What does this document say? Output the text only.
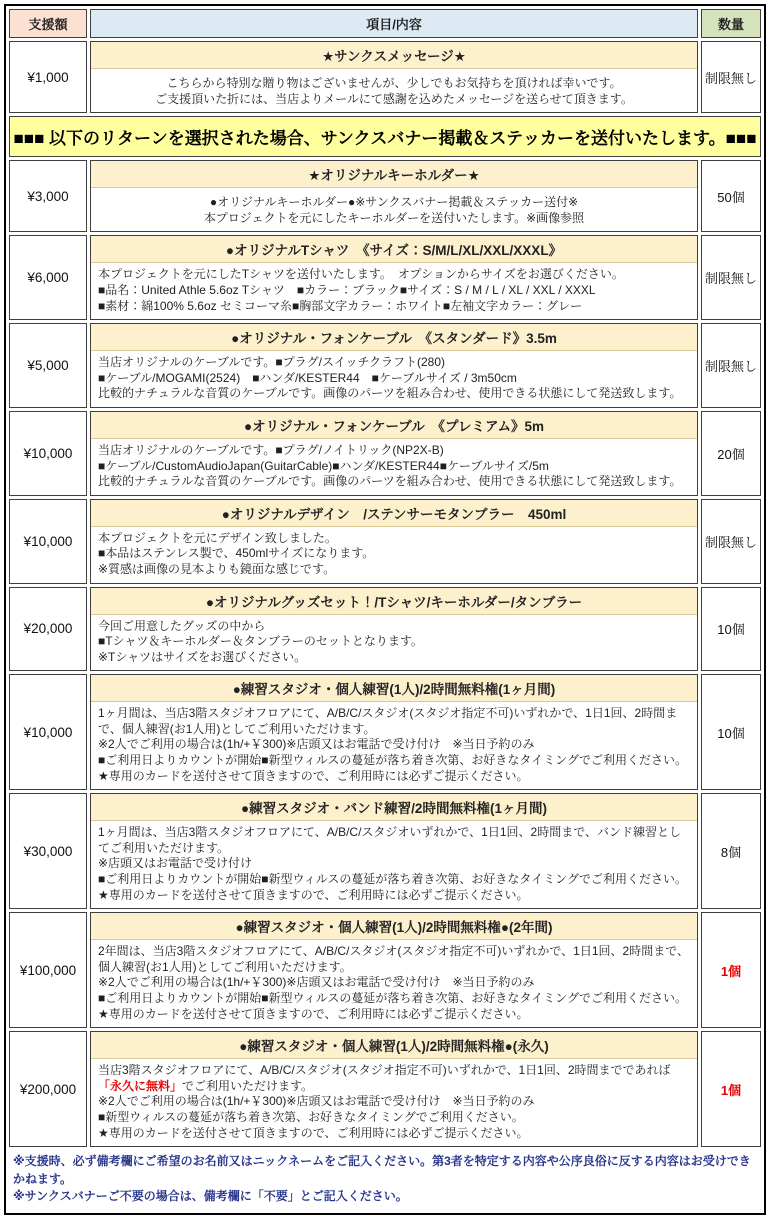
支援額	項目/内容	数量
¥1,000	★サンクスメッセージ★
こちらから特別な贈り物はございませんが、少しでもお気持ちを頂ければ幸いです。
ご支援頂いた折には、当店よりメールにて感謝を込めたメッセージを送らせて頂きます。	制限無し
■■■ 以下のリターンを選択された場合、サンクスバナー掲載＆ステッカーを送付いたします。■■■		
¥3,000	★オリジナルキーホルダー★
●オリジナルキーホルダー●※サンクスバナー掲載＆ステッカー送付※
本プロジェクトを元にしたキーホルダーを送付いたします。※画像参照	50個
¥6,000	●オリジナルTシャツ　《サイズ：S/M/L/XL/XXL/XXXL》
本プロジェクトを元にしたTシャツを送付いたします。　オプションからサイズをお選びください。
■品名：United Athle 5.6oz Tシャツ　■カラー：ブラック■サイズ：S / M / L / XL / XXL / XXXL
■素材：綿100% 5.6oz セミコーマ糸■胸部文字カラー：ホワイト■左袖文字カラー：グレー	制限無し
¥5,000	●オリジナル・フォンケーブル　《スタンダード》3.5m
当店オリジナルのケーブルです。■プラグ/スイッチクラフト(280)
■ケーブル/MOGAMI(2524)　■ハンダ/KESTER44　■ケーブルサイズ / 3m50cm
比較的ナチュラルな音質のケーブルです。画像のパーツを組み合わせ、使用できる状態にして発送致します。	制限無し
¥10,000	●オリジナル・フォンケーブル　《プレミアム》5m
当店オリジナルのケーブルです。■プラグ/ノイトリック(NP2X-B)
■ケーブル/CustomAudioJapan(GuitarCable)■ハンダ/KESTER44■ケーブルサイズ/5m
比較的ナチュラルな音質のケーブルです。画像のパーツを組み合わせ、使用できる状態にして発送致します。	20個
¥10,000	●オリジナルデザイン　/ステンサーモタンブラー　450ml
本プロジェクトを元にデザイン致しました。
■本品はステンレス製で、450mlサイズになります。
※質感は画像の見本よりも鏡面な感じです。	制限無し
¥20,000	●オリジナルグッズセット！/Tシャツ/キーホルダー/タンブラー
今回ご用意したグッズの中から
■Tシャツ＆キーホルダー＆タンブラーのセットとなります。
※Tシャツはサイズをお選びください。	10個
¥10,000	●練習スタジオ・個人練習(1人)/2時間無料権(1ヶ月間)
1ヶ月間は、当店3階スタジオフロアにて、A/B/C/スタジオ(スタジオ指定不可)いずれかで、1日1回、2時間まで、個人練習(お1人用)としてご利用いただけます。
※2人でご利用の場合は(1h/+￥300)※店頭又はお電話で受け付け　※当日予約のみ
■ご利用日よりカウントが開始■新型ウィルスの蔓延が落ち着き次第、お好きなタイミングでご利用ください。★専用のカードを送付させて頂きますので、ご利用時には必ずご提示ください。	10個
¥30,000	●練習スタジオ・バンド練習/2時間無料権(1ヶ月間)
1ヶ月間は、当店3階スタジオフロアにて、A/B/C/スタジオいずれかで、1日1回、2時間まで、バンド練習としてご利用いただけます。
※店頭又はお電話で受け付け
■ご利用日よりカウントが開始■新型ウィルスの蔓延が落ち着き次第、お好きなタイミングでご利用ください。★専用のカードを送付させて頂きますので、ご利用時には必ずご提示ください。	8個
¥100,000	●練習スタジオ・個人練習(1人)/2時間無料権●(2年間)
2年間は、当店3階スタジオフロアにて、A/B/C/スタジオ(スタジオ指定不可)いずれかで、1日1回、2時間まで、個人練習(お1人用)としてご利用いただけます。
※2人でご利用の場合は(1h/+￥300)※店頭又はお電話で受け付け　※当日予約のみ
■ご利用日よりカウントが開始■新型ウィルスの蔓延が落ち着き次第、お好きなタイミングでご利用ください。★専用のカードを送付させて頂きますので、ご利用時には必ずご提示ください。	1個
¥200,000	
●練習スタジオ・個人練習(1人)/2時間無料権●(永久)
当店3階スタジオフロアにて、A/B/C/スタジオ(スタジオ指定不可)いずれかで、1日1回、2時間までであれば
「永久に無料」でご利用いただけます。
※2人でご利用の場合は(1h/+￥300)※店頭又はお電話で受け付け　※当日予約のみ
■新型ウィルスの蔓延が落ち着き次第、お好きなタイミングでご利用ください。
★専用のカードを送付させて頂きますので、ご利用時には必ずご提示ください。
	1個
※支援時、必ず備考欄にご希望のお名前又はニックネームをご記入ください。第3者を特定する内容や公序良俗に反する内容はお受けできかねます。
※サンクスバナーご不要の場合は、備考欄に「不要」とご記入ください。
